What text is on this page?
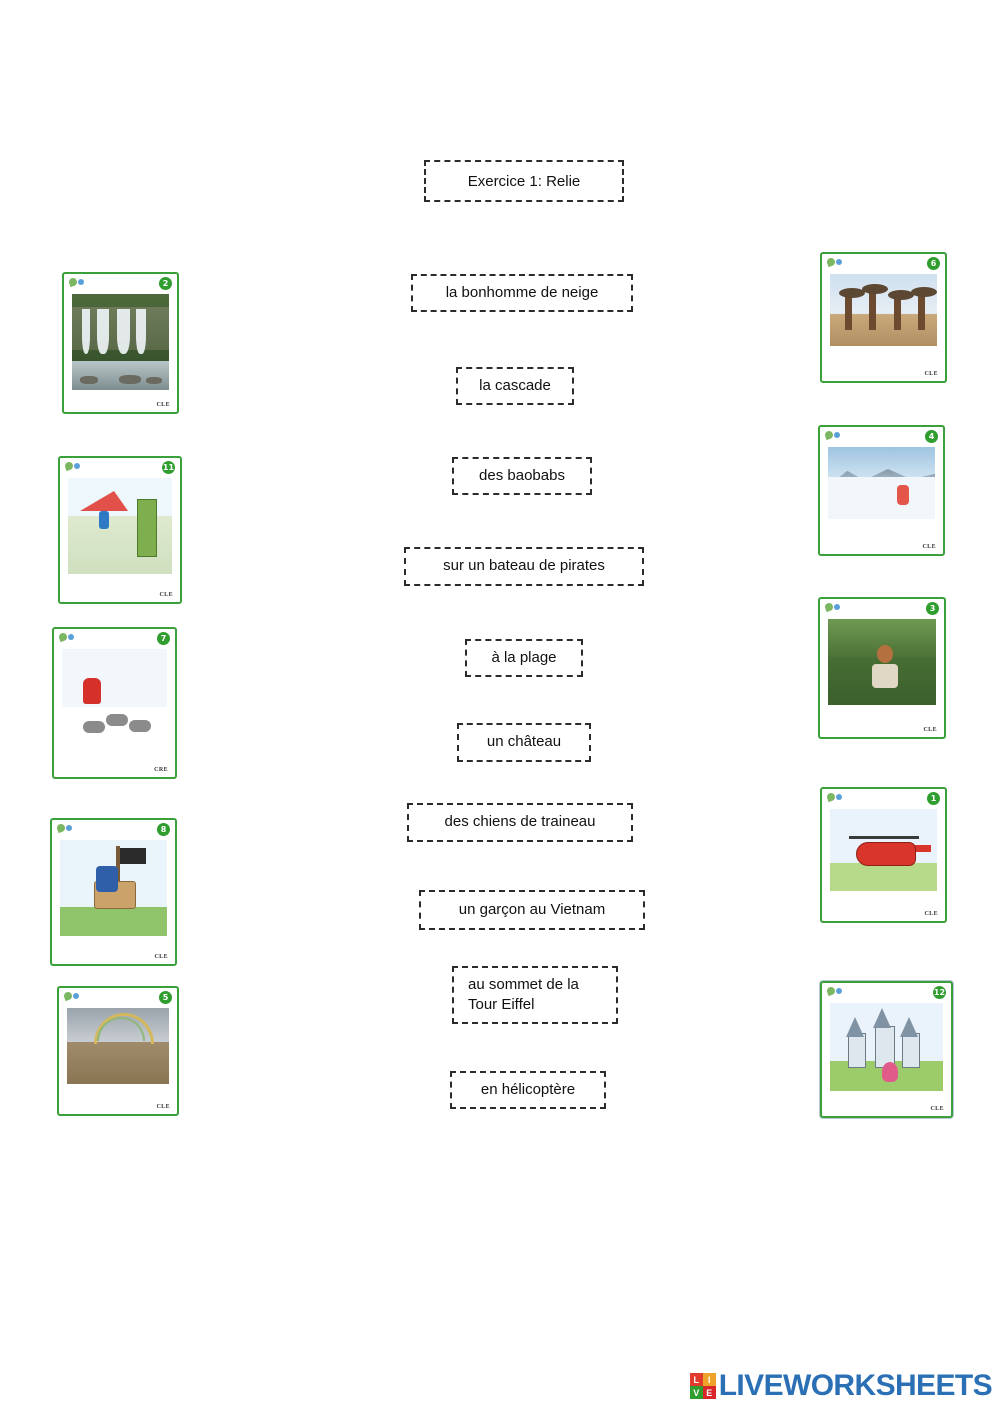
Exercice 1: Relie
2
CLE
11
CLE
7
CRE
8
CLE
5
CLE
6
CLE
4
CLE
3
CLE
1
CLE
12
CLE
la bonhomme de neige
la cascade
des baobabs
sur un bateau de pirates
à la plage
un château
des chiens de traineau
un garçon au Vietnam
au sommet de la Tour Eiffel
en hélicoptère
L I
V E LIVEWORKSHEETS
